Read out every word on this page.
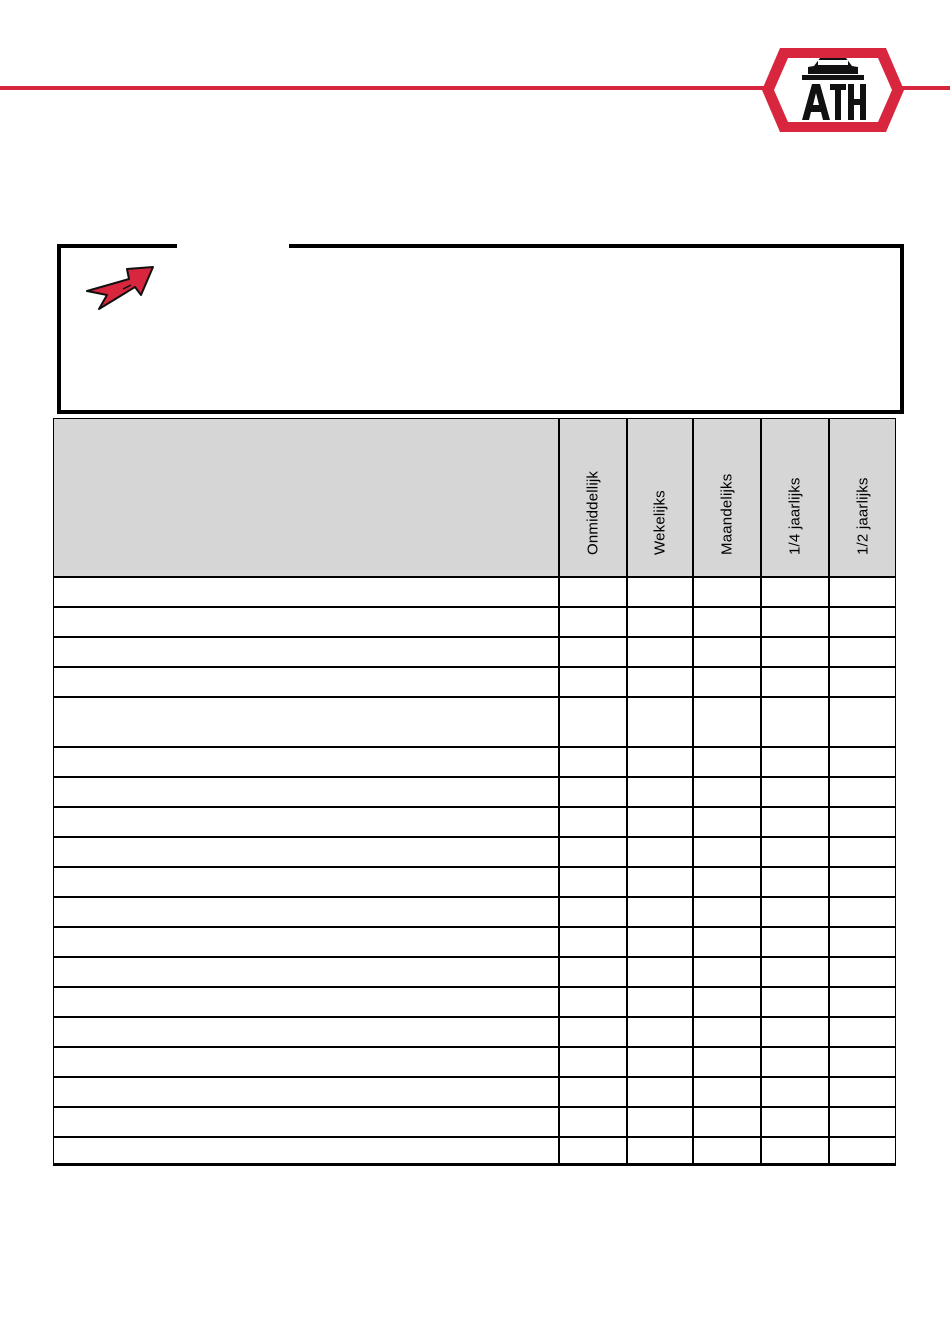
Onmiddellijk	Wekelijks	Maandelijks	1/4 jaarlijks	1/2 jaarlijks
